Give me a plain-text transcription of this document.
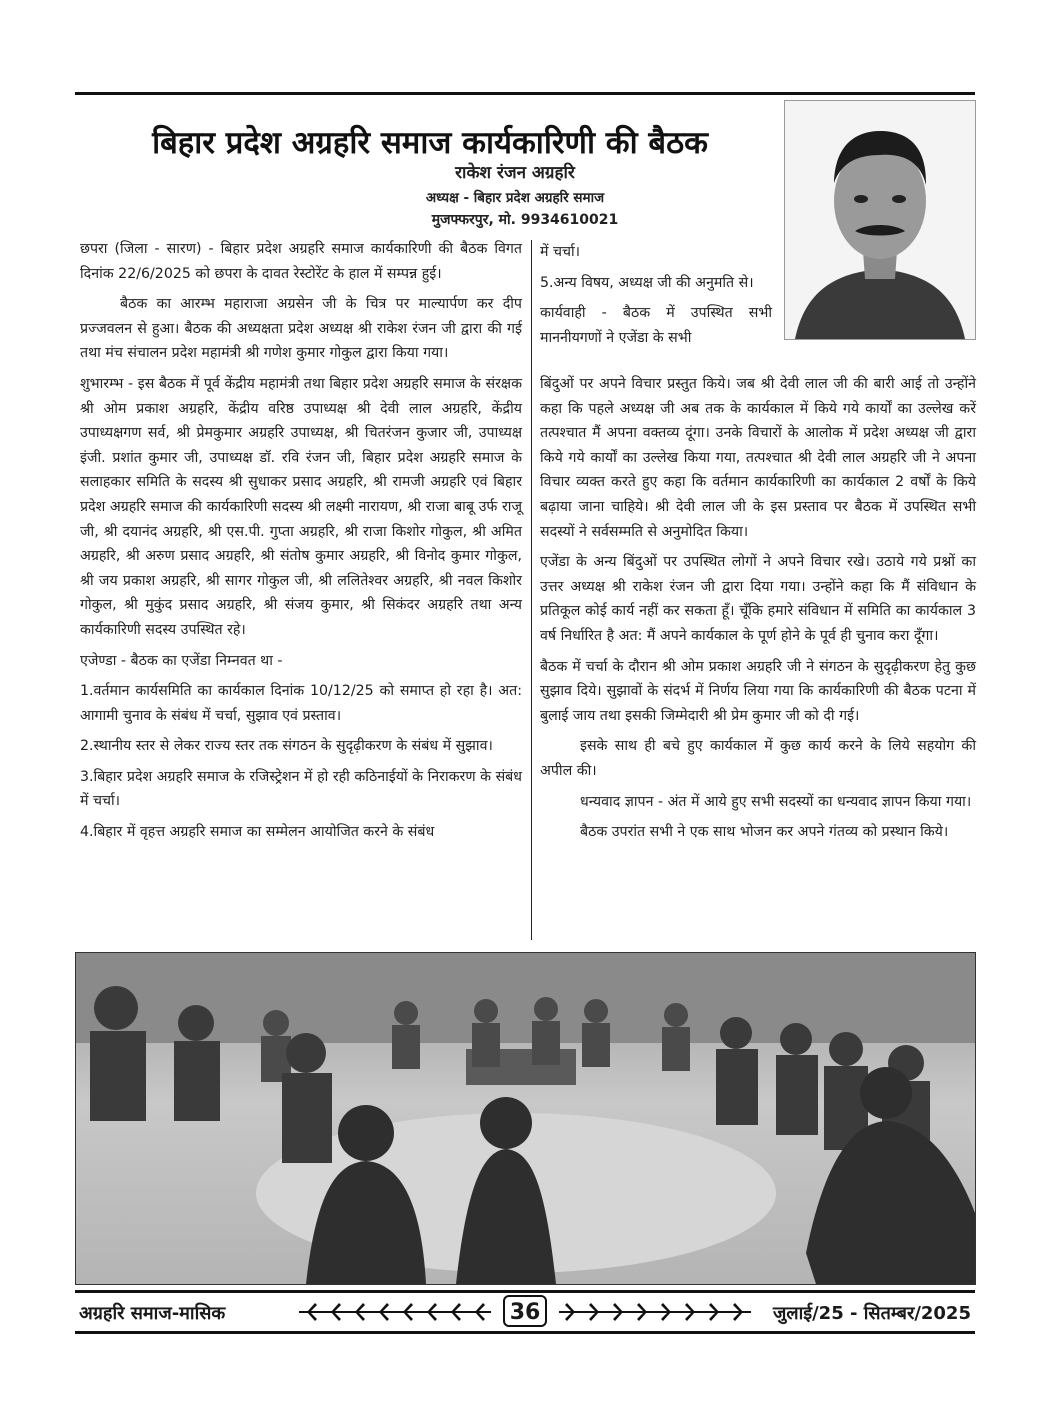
बिहार प्रदेश अग्रहरि समाज कार्यकारिणी की बैठक
राकेश रंजन अग्रहरि
अध्यक्ष - बिहार प्रदेश अग्रहरि समाज
मुजफ्फरपुर, मो. 9934610021

छपरा (जिला - सारण) - बिहार प्रदेश अग्रहरि समाज कार्यकारिणी की बैठक विगत दिनांक 22/6/2025 को छपरा के दावत रेस्टोरेंट के हाल में सम्पन्न हुई।

बैठक का आरम्भ महाराजा अग्रसेन जी के चित्र पर माल्यार्पण कर दीप प्रज्जवलन से हुआ। बैठक की अध्यक्षता प्रदेश अध्यक्ष श्री राकेश रंजन जी द्वारा की गई तथा मंच संचालन प्रदेश महामंत्री श्री गणेश कुमार गोकुल द्वारा किया गया।

शुभारम्भ - इस बैठक में पूर्व केंद्रीय महामंत्री तथा बिहार प्रदेश अग्रहरि समाज के संरक्षक श्री ओम प्रकाश अग्रहरि, केंद्रीय वरिष्ठ उपाध्यक्ष श्री देवी लाल अग्रहरि, केंद्रीय उपाध्यक्षगण सर्व, श्री प्रेमकुमार अग्रहरि उपाध्यक्ष, श्री चितरंजन कुजार जी, उपाध्यक्ष इंजी. प्रशांत कुमार जी, उपाध्यक्ष डॉ. रवि रंजन जी, बिहार प्रदेश अग्रहरि समाज के सलाहकार समिति के सदस्य श्री सुधाकर प्रसाद अग्रहरि, श्री रामजी अग्रहरि एवं बिहार प्रदेश अग्रहरि समाज की कार्यकारिणी सदस्य श्री लक्ष्मी नारायण, श्री राजा बाबू उर्फ राजू जी, श्री दयानंद अग्रहरि, श्री एस.पी. गुप्ता अग्रहरि, श्री राजा किशोर गोकुल, श्री अमित अग्रहरि, श्री अरुण प्रसाद अग्रहरि, श्री संतोष कुमार अग्रहरि, श्री विनोद कुमार गोकुल, श्री जय प्रकाश अग्रहरि, श्री सागर गोकुल जी, श्री ललितेश्वर अग्रहरि, श्री नवल किशोर गोकुल, श्री मुकुंद प्रसाद अग्रहरि, श्री संजय कुमार, श्री सिकंदर अग्रहरि तथा अन्य कार्यकारिणी सदस्य उपस्थित रहे।

एजेण्डा - बैठक का एजेंडा निम्नवत था -

1.वर्तमान कार्यसमिति का कार्यकाल दिनांक 10/12/25 को समाप्त हो रहा है। अत: आगामी चुनाव के संबंध में चर्चा, सुझाव एवं प्रस्ताव।

2.स्थानीय स्तर से लेकर राज्य स्तर तक संगठन के सुदृढ़ीकरण के संबंध में सुझाव।

3.बिहार प्रदेश अग्रहरि समाज के रजिस्ट्रेशन में हो रही कठिनाईयों के निराकरण के संबंध में चर्चा।

4.बिहार में वृहत्त अग्रहरि समाज का सम्मेलन आयोजित करने के संबंध

में चर्चा।

5.अन्य विषय, अध्यक्ष जी की अनुमति से।

कार्यवाही - बैठक में उपस्थित सभी माननीयगणों ने एजेंडा के सभी

बिंदुओं पर अपने विचार प्रस्तुत किये। जब श्री देवी लाल जी की बारी आई तो उन्होंने कहा कि पहले अध्यक्ष जी अब तक के कार्यकाल में किये गये कार्यों का उल्लेख करें तत्पश्चात मैं अपना वक्तव्य दूंगा। उनके विचारों के आलोक में प्रदेश अध्यक्ष जी द्वारा किये गये कार्यों का उल्लेख किया गया, तत्पश्चात श्री देवी लाल अग्रहरि जी ने अपना विचार व्यक्त करते हुए कहा कि वर्तमान कार्यकारिणी का कार्यकाल 2 वर्षों के किये बढ़ाया जाना चाहिये। श्री देवी लाल जी के इस प्रस्ताव पर बैठक में उपस्थित सभी सदस्यों ने सर्वसम्मति से अनुमोदित किया।

एजेंडा के अन्य बिंदुओं पर उपस्थित लोगों ने अपने विचार रखे। उठाये गये प्रश्नों का उत्तर अध्यक्ष श्री राकेश रंजन जी द्वारा दिया गया। उन्होंने कहा कि मैं संविधान के प्रतिकूल कोई कार्य नहीं कर सकता हूँ। चूँकि हमारे संविधान में समिति का कार्यकाल 3 वर्ष निर्धारित है अत: मैं अपने कार्यकाल के पूर्ण होने के पूर्व ही चुनाव करा दूँगा।

बैठक में चर्चा के दौरान श्री ओम प्रकाश अग्रहरि जी ने संगठन के सुदृढ़ीकरण हेतु कुछ सुझाव दिये। सुझावों के संदर्भ में निर्णय लिया गया कि कार्यकारिणी की बैठक पटना में बुलाई जाय तथा इसकी जिम्मेदारी श्री प्रेम कुमार जी को दी गई।

इसके साथ ही बचे हुए कार्यकाल में कुछ कार्य करने के लिये सहयोग की अपील की।

धन्यवाद ज्ञापन - अंत में आये हुए सभी सदस्यों का धन्यवाद ज्ञापन किया गया।

बैठक उपरांत सभी ने एक साथ भोजन कर अपने गंतव्य को प्रस्थान किये।

अग्रहरि समाज-मासिक	36	जुलाई/25 - सितम्बर/2025
